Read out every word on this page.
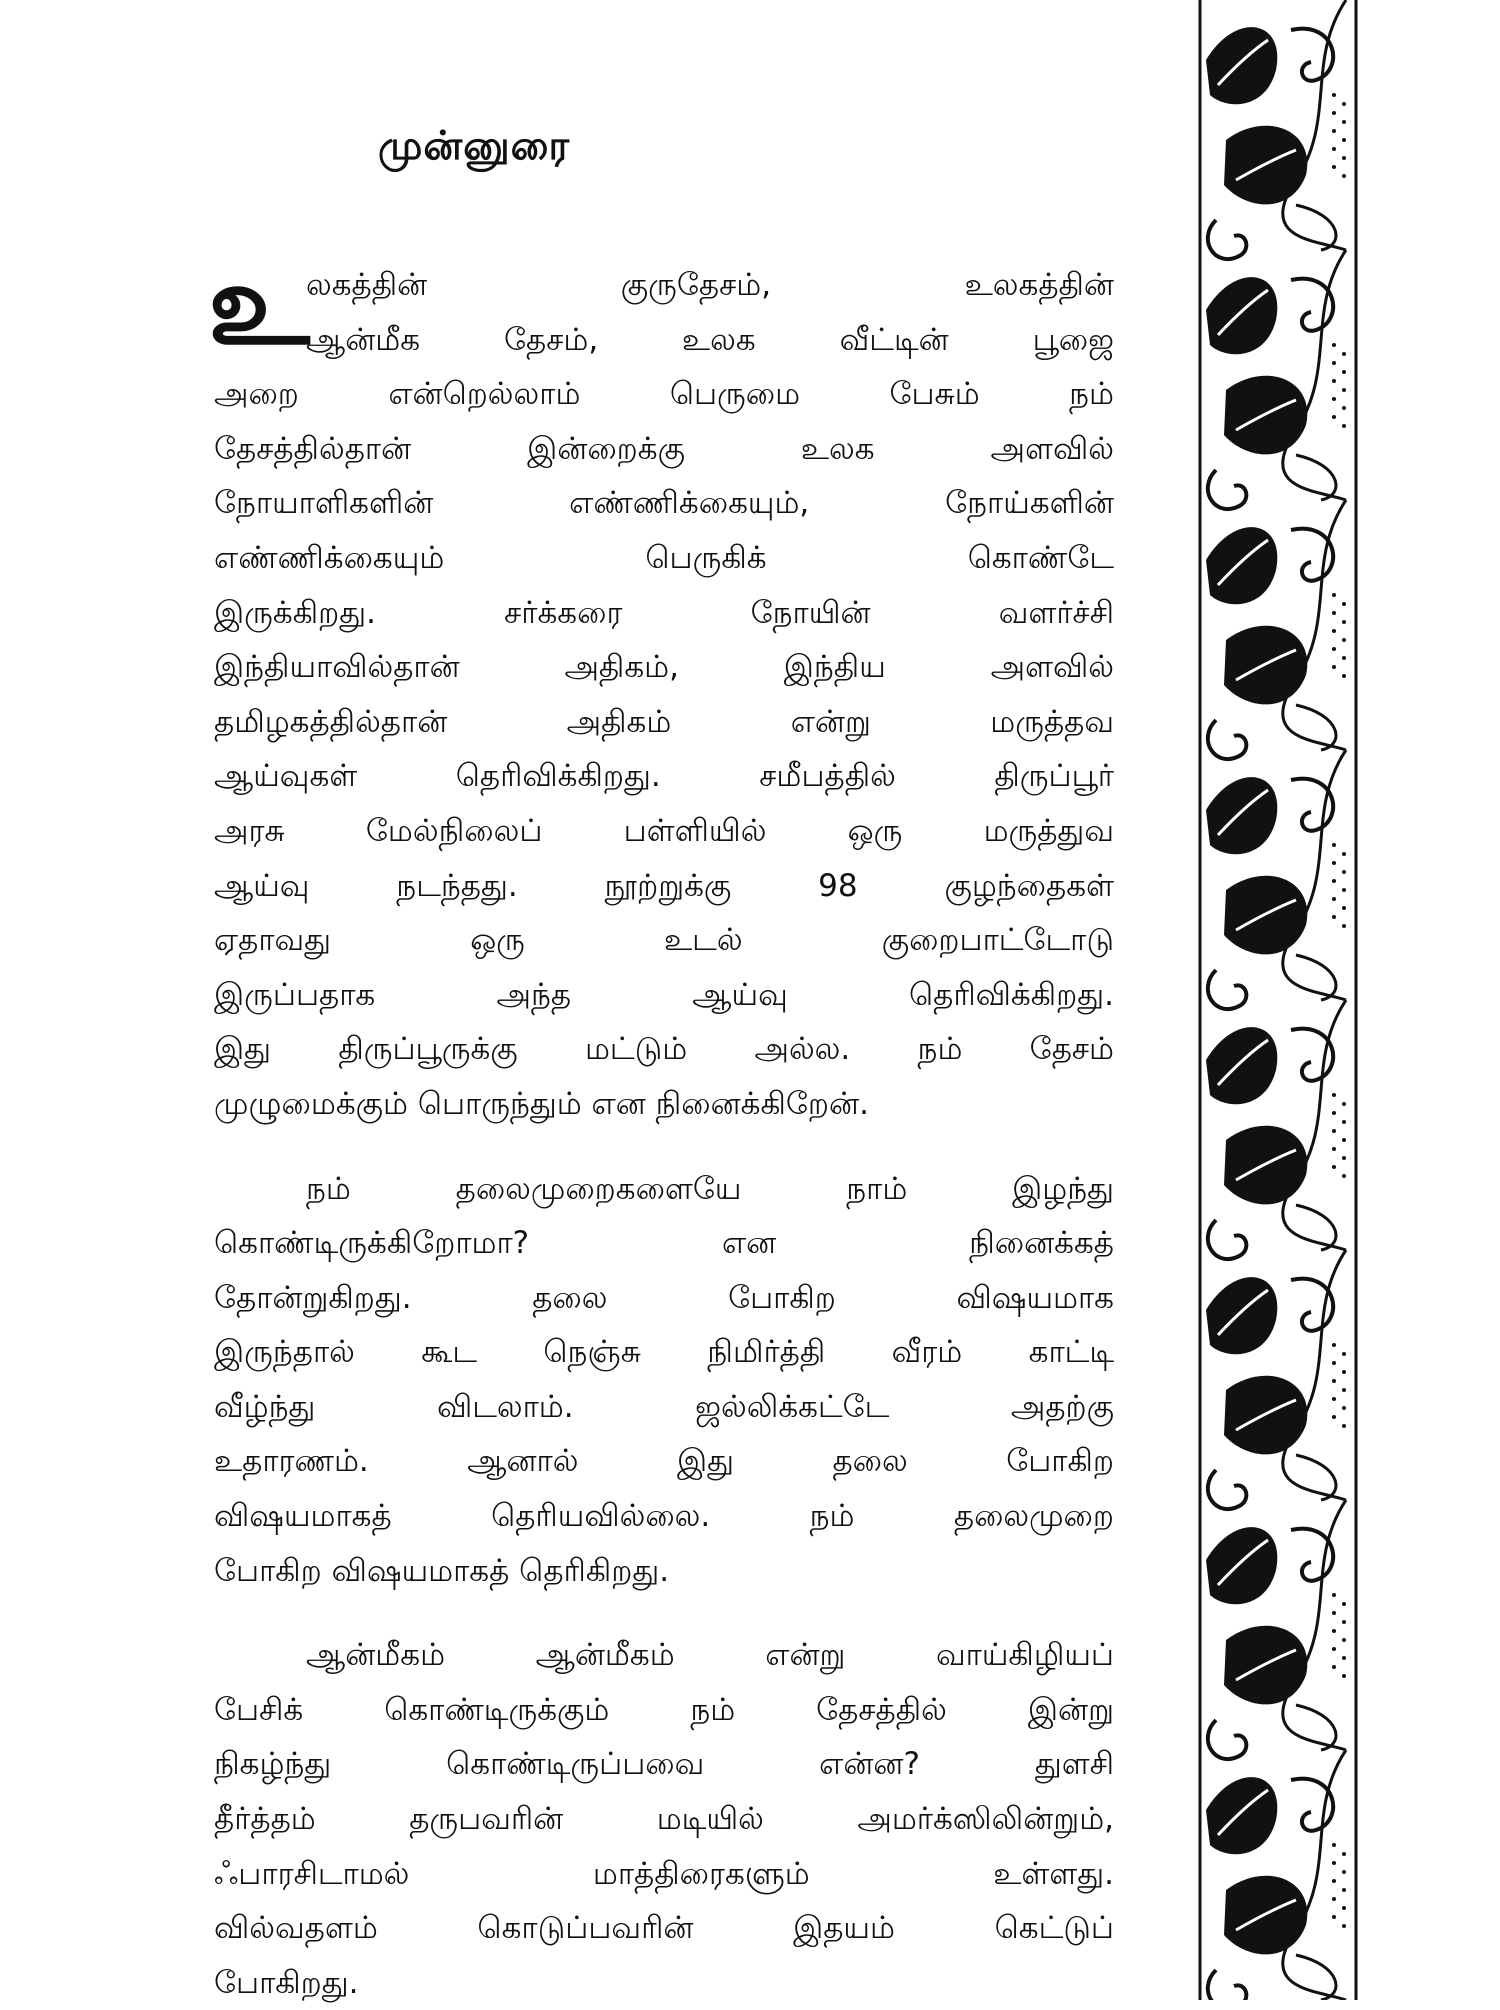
முன்னுரை
உ
லகத்தின் குருதேசம், உலகத்தின்
ஆன்மீக தேசம், உலக வீட்டின் பூஜை
அறை என்றெல்லாம் பெருமை பேசும் நம்
தேசத்தில்தான் இன்றைக்கு உலக அளவில்
நோயாளிகளின் எண்ணிக்கையும், நோய்களின்
எண்ணிக்கையும் பெருகிக் கொண்டே
இருக்கிறது. சர்க்கரை நோயின் வளர்ச்சி
இந்தியாவில்தான் அதிகம், இந்திய அளவில்
தமிழகத்தில்தான் அதிகம் என்று மருத்தவ
ஆய்வுகள் தெரிவிக்கிறது. சமீபத்தில் திருப்பூர்
அரசு மேல்நிலைப் பள்ளியில் ஒரு மருத்துவ
ஆய்வு நடந்தது. நூற்றுக்கு 98 குழந்தைகள்
ஏதாவது ஒரு உடல் குறைபாட்டோடு
இருப்பதாக அந்த ஆய்வு தெரிவிக்கிறது.
இது திருப்பூருக்கு மட்டும் அல்ல. நம் தேசம்
முழுமைக்கும் பொருந்தும் என நினைக்கிறேன்.
நம் தலைமுறைகளையே நாம் இழந்து
கொண்டிருக்கிறோமா? என நினைக்கத்
தோன்றுகிறது. தலை போகிற விஷயமாக
இருந்தால் கூட நெஞ்சு நிமிர்த்தி வீரம் காட்டி
வீழ்ந்து விடலாம். ஜல்லிக்கட்டே அதற்கு
உதாரணம். ஆனால் இது தலை போகிற
விஷயமாகத் தெரியவில்லை. நம் தலைமுறை
போகிற விஷயமாகத் தெரிகிறது.
ஆன்மீகம் ஆன்மீகம் என்று வாய்கிழியப்
பேசிக் கொண்டிருக்கும் நம் தேசத்தில் இன்று
நிகழ்ந்து கொண்டிருப்பவை என்ன? துளசி
தீர்த்தம் தருபவரின் மடியில் அமர்க்ஸிலின்றும்,
ஃபாரசிடாமல் மாத்திரைகளும் உள்ளது.
வில்வதளம் கொடுப்பவரின் இதயம் கெட்டுப்
போகிறது.
